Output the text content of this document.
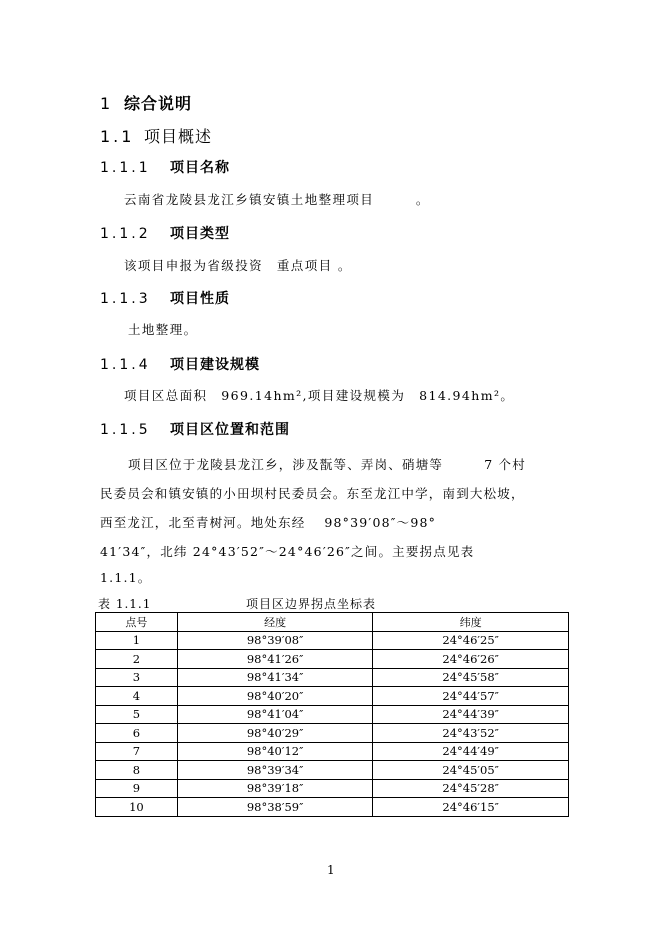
1 综合说明
1.1 项目概述
1.1.1 项目名称
云南省龙陵县龙江乡镇安镇土地整理项目　　　。
1.1.2 项目类型
该项目申报为省级投资　重点项目 。
1.1.3 项目性质
土地整理。
1.1.4 项目建设规模
项目区总面积　969.14hm²,项目建设规模为　814.94hm²。
1.1.5 项目区位置和范围
项目区位于龙陵县龙江乡，涉及翫等、弄岗、硝塘等　　　7 个村
民委员会和镇安镇的小田坝村民委员会。东至龙江中学，南到大松坡，
西至龙江，北至青树河。地处东经　 98°39′08″～98°
41′34″，北纬 24°43′52″～24°46′26″之间。主要拐点见表
1.1.1。
表 1.1.1	项目区边界拐点坐标表
点号	经度	纬度
1	98°39′08″	24°46′25″
2	98°41′26″	24°46′26″
3	98°41′34″	24°45′58″
4	98°40′20″	24°44′57″
5	98°41′04″	24°44′39″
6	98°40′29″	24°43′52″
7	98°40′12″	24°44′49″
8	98°39′34″	24°45′05″
9	98°39′18″	24°45′28″
10	98°38′59″	24°46′15″
1
